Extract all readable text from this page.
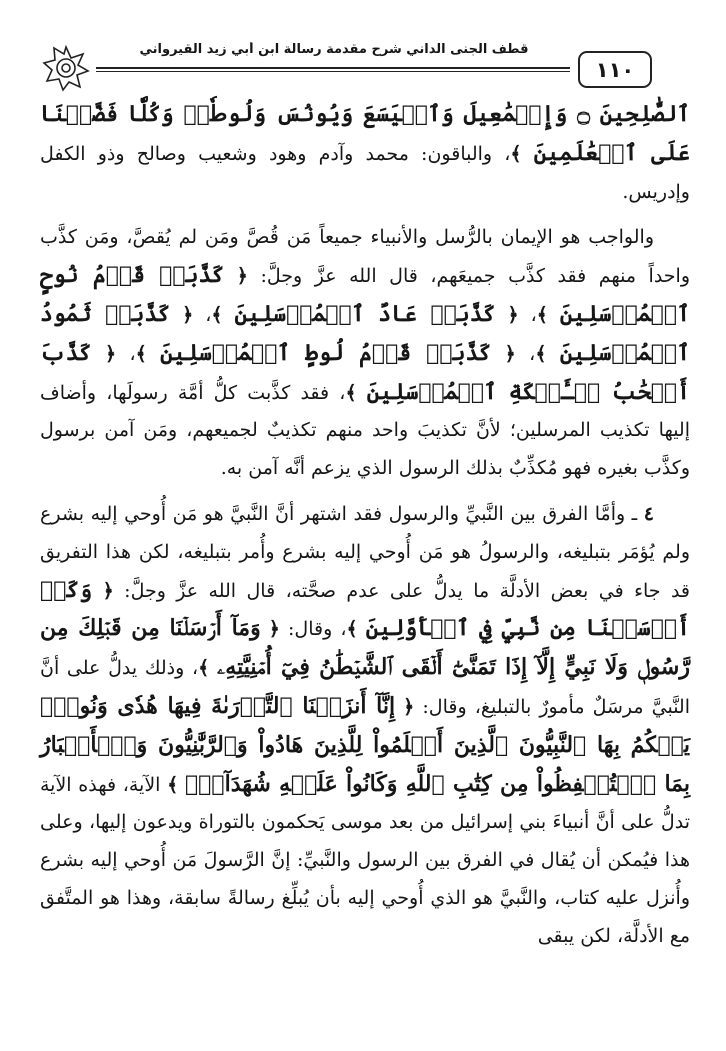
قطف الجنى الداني شرح مقدمة رسالة ابن أبي زيد القيرواني
١١٠

ٱلصَّٰلِحِينَ ۝ وَإِسۡمَٰعِيلَ وَٱلۡيَسَعَ وَيُونُسَ وَلُوطٗاۚ وَكُلّٗا فَضَّلۡنَا عَلَى ٱلۡعَٰلَمِينَ ﴾، والباقون: محمد وآدم وهود وشعيب وصالح وذو الكفل وإدريس.

والواجب هو الإيمان بالرُّسل والأنبياء جميعاً مَن قُصَّ ومَن لم يُقصَّ، ومَن كذَّب واحداً منهم فقد كذَّب جميعَهم، قال الله عزَّ وجلَّ: ﴿ كَذَّبَتۡ قَوۡمُ نُوحٍ ٱلۡمُرۡسَلِينَ ﴾، ﴿ كَذَّبَتۡ عَادٌ ٱلۡمُرۡسَلِينَ ﴾، ﴿ كَذَّبَتۡ ثَمُودُ ٱلۡمُرۡسَلِينَ ﴾، ﴿ كَذَّبَتۡ قَوۡمُ لُوطٍ ٱلۡمُرۡسَلِينَ ﴾، ﴿ كَذَّبَ أَصۡحَٰبُ لۡـَٔيۡكَةِ ٱلۡمُرۡسَلِينَ ﴾، فقد كذَّبت كلُّ أمَّة رسولَها، وأضاف إليها تكذيب المرسلين؛ لأنَّ تكذيبَ واحد منهم تكذيبٌ لجميعهم، ومَن آمن برسول وكذَّب بغيره فهو مُكذِّبٌ بذلك الرسول الذي يزعم أنَّه آمن به.

٤ ـ وأمَّا الفرق بين النَّبيِّ والرسول فقد اشتهر أنَّ النَّبيَّ هو مَن أُوحي إليه بشرع ولم يُؤمَر بتبليغه، والرسولُ هو مَن أُوحي إليه بشرع وأُمر بتبليغه، لكن هذا التفريق قد جاء في بعض الأدلَّة ما يدلُّ على عدم صحَّته، قال الله عزَّ وجلَّ: ﴿ وَكَمۡ أَرۡسَلۡنَا مِن نَّبِيّٖ فِي ٱلۡأَوَّلِينَ ﴾، وقال: ﴿ وَمَآ أَرۡسَلۡنَا مِن قَبۡلِكَ مِن رَّسُولٖ وَلَا نَبِيٍّ إِلَّآ إِذَا تَمَنَّىٰٓ أَلۡقَى ٱلشَّيۡطَٰنُ فِيٓ أُمۡنِيَّتِهِۦ ﴾، وذلك يدلُّ على أنَّ النَّبيَّ مرسَلٌ مأمورٌ بالتبليغ، وقال: ﴿ إِنَّآ أَنزَلۡنَا ٱلتَّوۡرَىٰةَ فِيهَا هُدٗى وَنُورٞۚ يَحۡكُمُ بِهَا ٱلنَّبِيُّونَ ٱلَّذِينَ أَسۡلَمُواْ لِلَّذِينَ هَادُواْ وَٱلرَّبَّٰنِيُّونَ وَٱلۡأَحۡبَارُ بِمَا ٱسۡتُحۡفِظُواْ مِن كِتَٰبِ ٱللَّهِ وَكَانُواْ عَلَيۡهِ شُهَدَآءَۚ ﴾ الآية، فهذه الآية تدلُّ على أنَّ أنبياءَ بني إسرائيل من بعد موسى يَحكمون بالتوراة ويدعون إليها، وعلى هذا فيُمكن أن يُقال في الفرق بين الرسول والنَّبيِّ: إنَّ الرَّسولَ مَن أُوحي إليه بشرع وأُنزل عليه كتاب، والنَّبيَّ هو الذي أُوحي إليه بأن يُبلِّغ رسالةً سابقة، وهذا هو المتَّفق مع الأدلَّة، لكن يبقى
